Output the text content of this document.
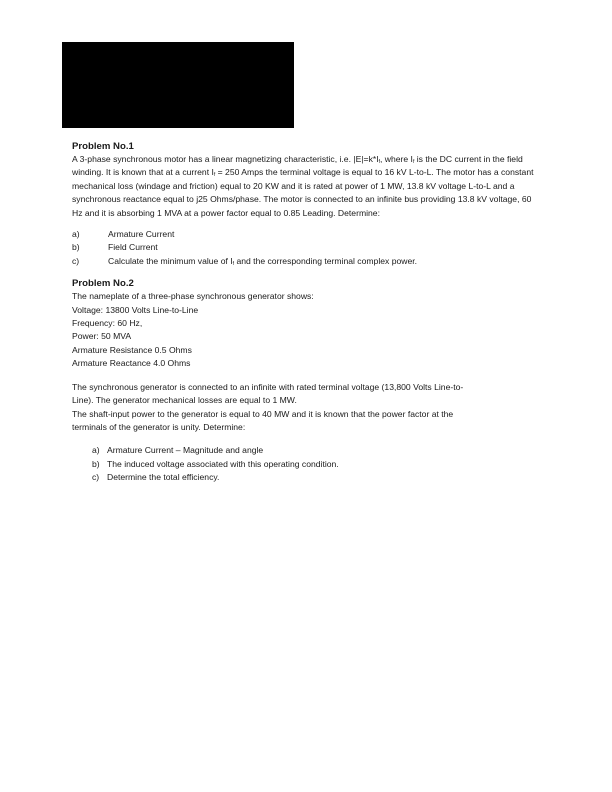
Problem No.1

A 3-phase synchronous motor has a linear magnetizing characteristic, i.e. $|E|=k*I_f$, where $I_f$ is the DC current in the field winding. It is known that at a current $I_f = 250$ Amps the terminal voltage is equal to 16 kV L-to-L. The motor has a constant mechanical loss (windage and friction) equal to 20 KW and it is rated at power of 1 MW, 13.8 kV voltage L-to-L and a synchronous reactance equal to j25 Ohms/phase. The motor is connected to an infinite bus providing 13.8 kV voltage, 60 Hz and it is absorbing 1 MVA at a power factor equal to 0.85 Leading. Determine:

a)	Armature Current
b)	Field Current
c)	Calculate the minimum value of $I_f$ and the corresponding terminal complex power.
Problem No.2

The nameplate of a three-phase synchronous generator shows:

Voltage: 13800 Volts Line-to-Line

Frequency: 60 Hz,

Power: 50 MVA

Armature Resistance 0.5 Ohms

Armature Reactance 4.0 Ohms

The synchronous generator is connected to an infinite with rated terminal voltage (13,800 Volts Line-to-Line). The generator mechanical losses are equal to 1 MW.

The shaft-input power to the generator is equal to 40 MW and it is known that the power factor at the terminals of the generator is unity. Determine:

a) Armature Current – Magnitude and angle
b) The induced voltage associated with this operating condition.
c) Determine the total efficiency.
